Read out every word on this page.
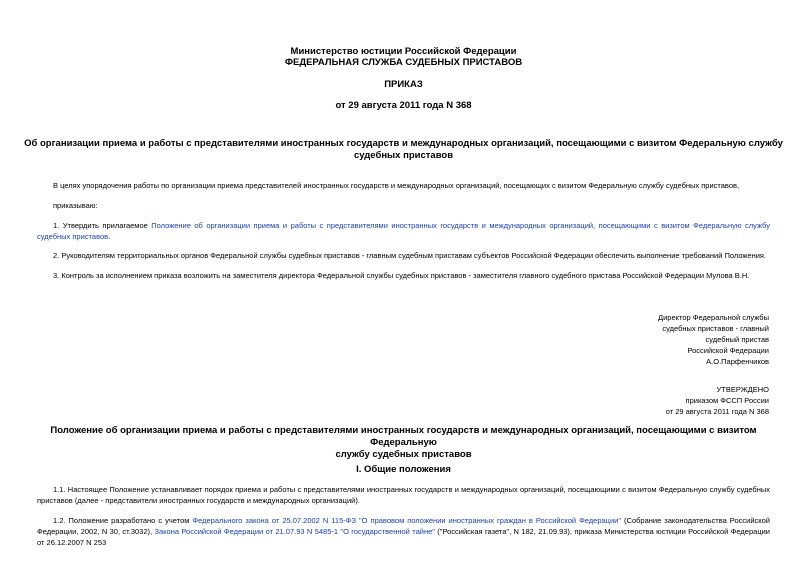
Министерство юстиции Российской Федерации
ФЕДЕРАЛЬНАЯ СЛУЖБА СУДЕБНЫХ ПРИСТАВОВ
ПРИКАЗ
от 29 августа 2011 года N 368
Об организации приема и работы с представителями иностранных государств и международных организаций, посещающими с визитом Федеральную службу
судебных приставов
В целях упорядочения работы по организации приема представителей иностранных государств и международных организаций, посещающих с визитом Федеральную службу судебных приставов,
приказываю:
1. Утвердить прилагаемое Положение об организации приема и работы с представителями иностранных государств и международных организаций, посещающими с визитом Федеральную службу судебных приставов.
2. Руководителям территориальных органов Федеральной службы судебных приставов - главным судебным приставам субъектов Российской Федерации обеспечить выполнение требований Положения.
3. Контроль за исполнением приказа возложить на заместителя директора Федеральной службы судебных приставов - заместителя главного судебного пристава Российской Федерации Мулова В.Н.
Директор Федеральной службы
судебных приставов - главный
судебный пристав
Российской Федерации
А.О.Парфенчиков
УТВЕРЖДЕНО
приказом ФССП России
от 29 августа 2011 года N 368
Положение об организации приема и работы с представителями иностранных государств и международных организаций, посещающими с визитом Федеральную
службу судебных приставов
I. Общие положения
1.1. Настоящее Положение устанавливает порядок приема и работы с представителями иностранных государств и международных организаций, посещающими с визитом Федеральную службу судебных приставов (далее - представители иностранных государств и международных организаций).
1.2. Положение разработано с учетом Федерального закона от 25.07.2002 N 115-ФЗ "О правовом положении иностранных граждан в Российской Федерации" (Собрание законодательства Российской Федерации, 2002, N 30, ст.3032), Закона Российской Федерации от 21.07.93 N 5485-1 "О государственной тайне" ("Российская газета", N 182, 21.09.93), приказа Министерства юстиции Российской Федерации от 26.12.2007 N 253
